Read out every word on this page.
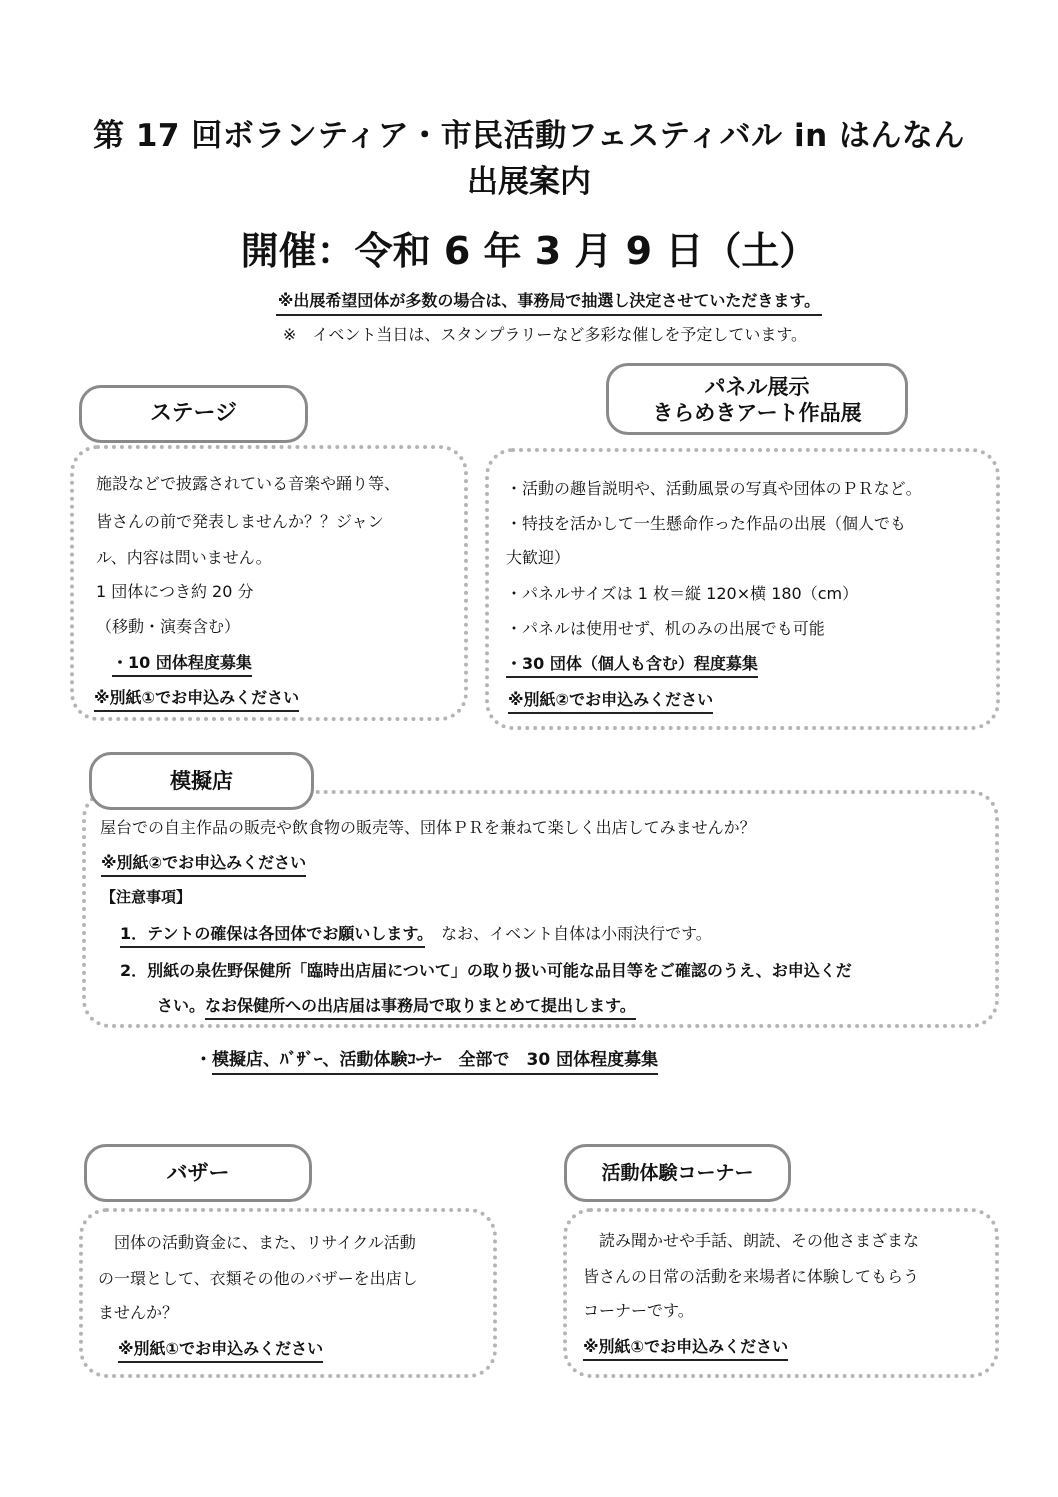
第 17 回ボランティア・市民活動フェスティバル in はんなん
出展案内
開催：令和 6 年 3 月 9 日（土）
※出展希望団体が多数の場合は、事務局で抽選し決定させていただきます。
※　イベント当日は、スタンプラリーなど多彩な催しを予定しています。
ステージ
施設などで披露されている音楽や踊り等、
皆さんの前で発表しませんか？？ジャン
ル、内容は問いません。
1 団体につき約 20 分
（移動・演奏含む）
・10 団体程度募集
※別紙①でお申込みください
パネル展示
きらめきアート作品展
・活動の趣旨説明や、活動風景の写真や団体のＰＲなど。
・特技を活かして一生懸命作った作品の出展（個人でも
大歓迎）
・パネルサイズは 1 枚＝縦 120×横 180（cm）
・パネルは使用せず、机のみの出展でも可能
・30 団体（個人も含む）程度募集
※別紙②でお申込みください
模擬店
屋台での自主作品の販売や飲食物の販売等、団体ＰＲを兼ねて楽しく出店してみませんか？
※別紙②でお申込みください
【注意事項】
1．テントの確保は各団体でお願いします。　なお、イベント自体は小雨決行です。
2．別紙の泉佐野保健所「臨時出店届について」の取り扱い可能な品目等をご確認のうえ、お申込くだ
さい。なお保健所への出店届は事務局で取りまとめて提出します。
・模擬店、ﾊﾞｻﾞｰ、活動体験ｺｰﾅｰ　全部で　30 団体程度募集
バザー
　団体の活動資金に、また、リサイクル活動
の一環として、衣類その他のバザーを出店し
ませんか？
※別紙①でお申込みください
活動体験コーナー
　読み聞かせや手話、朗読、その他さまざまな
皆さんの日常の活動を来場者に体験してもらう
コーナーです。
※別紙①でお申込みください
